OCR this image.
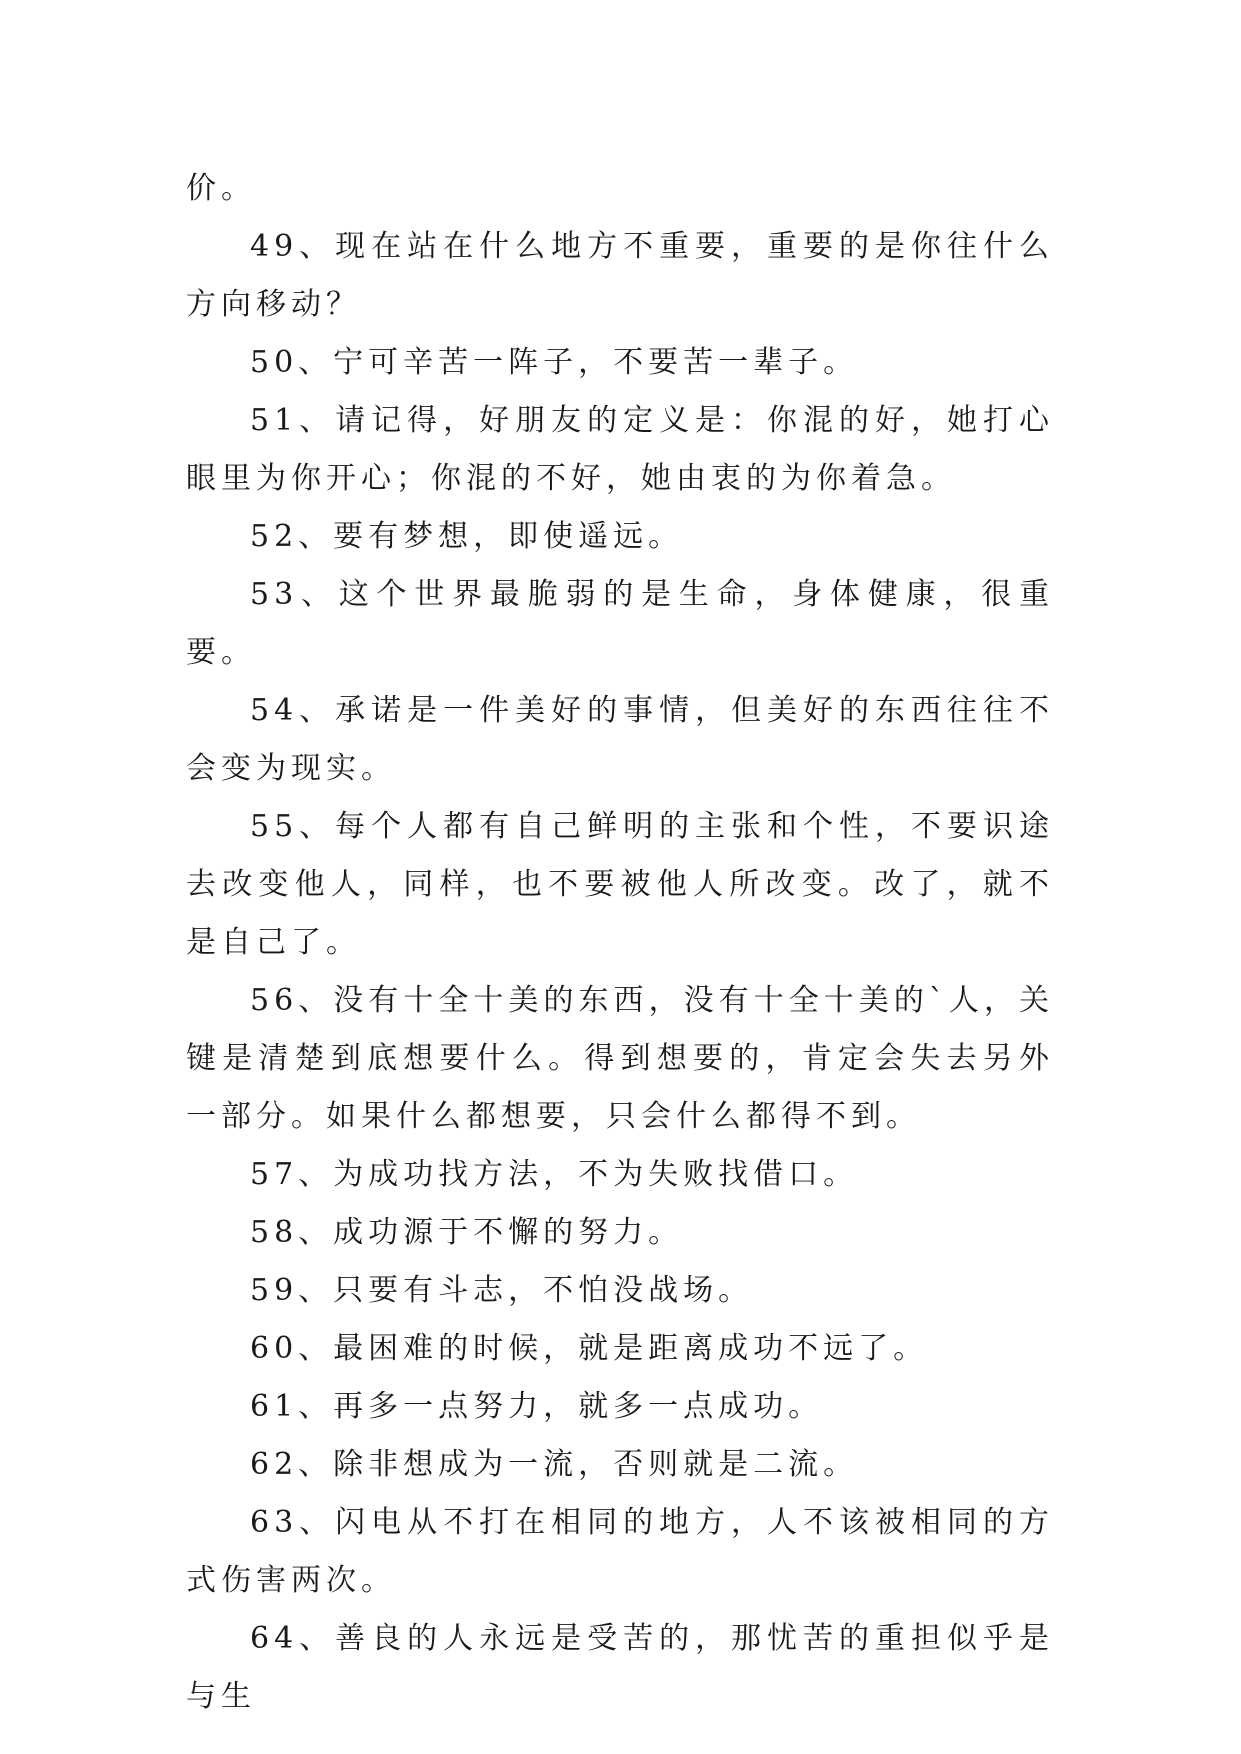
价。

49、现在站在什么地方不重要，重要的是你往什么方向移动？

50、宁可辛苦一阵子，不要苦一辈子。

51、请记得，好朋友的定义是：你混的好，她打心眼里为你开心；你混的不好，她由衷的为你着急。

52、要有梦想，即使遥远。

53、这个世界最脆弱的是生命，身体健康，很重要。

54、承诺是一件美好的事情，但美好的东西往往不会变为现实。

55、每个人都有自己鲜明的主张和个性，不要识途去改变他人，同样，也不要被他人所改变。改了，就不是自己了。

56、没有十全十美的东西，没有十全十美的`人，关键是清楚到底想要什么。得到想要的，肯定会失去另外一部分。如果什么都想要，只会什么都得不到。

57、为成功找方法，不为失败找借口。

58、成功源于不懈的努力。

59、只要有斗志，不怕没战场。

60、最困难的时候，就是距离成功不远了。

61、再多一点努力，就多一点成功。

62、除非想成为一流，否则就是二流。

63、闪电从不打在相同的地方，人不该被相同的方式伤害两次。

64、善良的人永远是受苦的，那忧苦的重担似乎是与生
